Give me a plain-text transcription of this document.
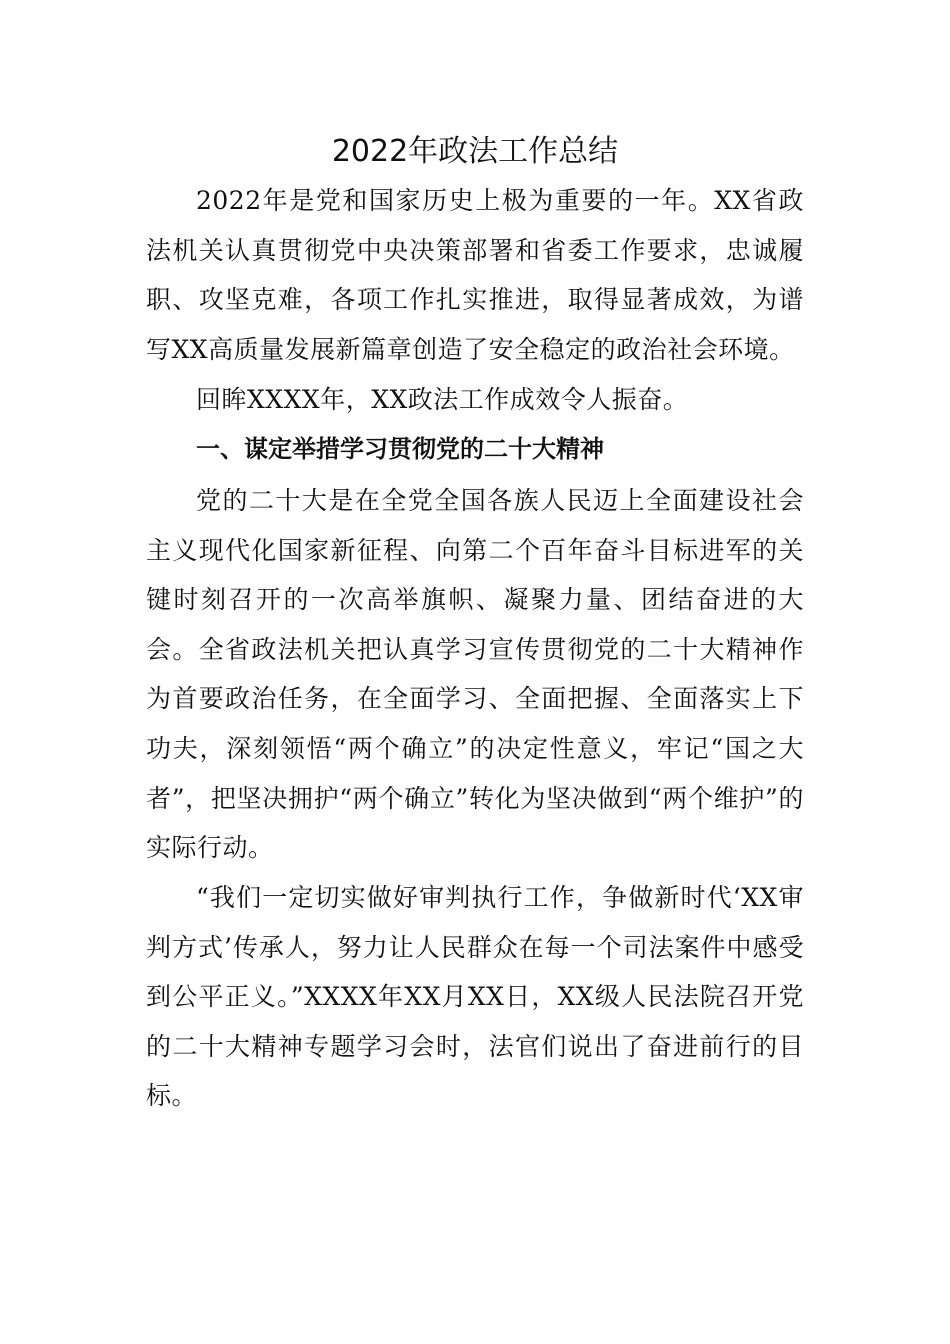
2022年政法工作总结

2022年是党和国家历史上极为重要的一年。XX省政法机关认真贯彻党中央决策部署和省委工作要求，忠诚履职、攻坚克难，各项工作扎实推进，取得显著成效，为谱写XX高质量发展新篇章创造了安全稳定的政治社会环境。

回眸XXXX年，XX政法工作成效令人振奋。

一、谋定举措学习贯彻党的二十大精神

党的二十大是在全党全国各族人民迈上全面建设社会主义现代化国家新征程、向第二个百年奋斗目标进军的关键时刻召开的一次高举旗帜、凝聚力量、团结奋进的大会。全省政法机关把认真学习宣传贯彻党的二十大精神作为首要政治任务，在全面学习、全面把握、全面落实上下功夫，深刻领悟“两个确立”的决定性意义，牢记“国之大者”，把坚决拥护“两个确立”转化为坚决做到“两个维护”的实际行动。

“我们一定切实做好审判执行工作，争做新时代‘XX审判方式’传承人，努力让人民群众在每一个司法案件中感受到公平正义。”XXXX年XX月XX日，XX级人民法院召开党的二十大精神专题学习会时，法官们说出了奋进前行的目标。
